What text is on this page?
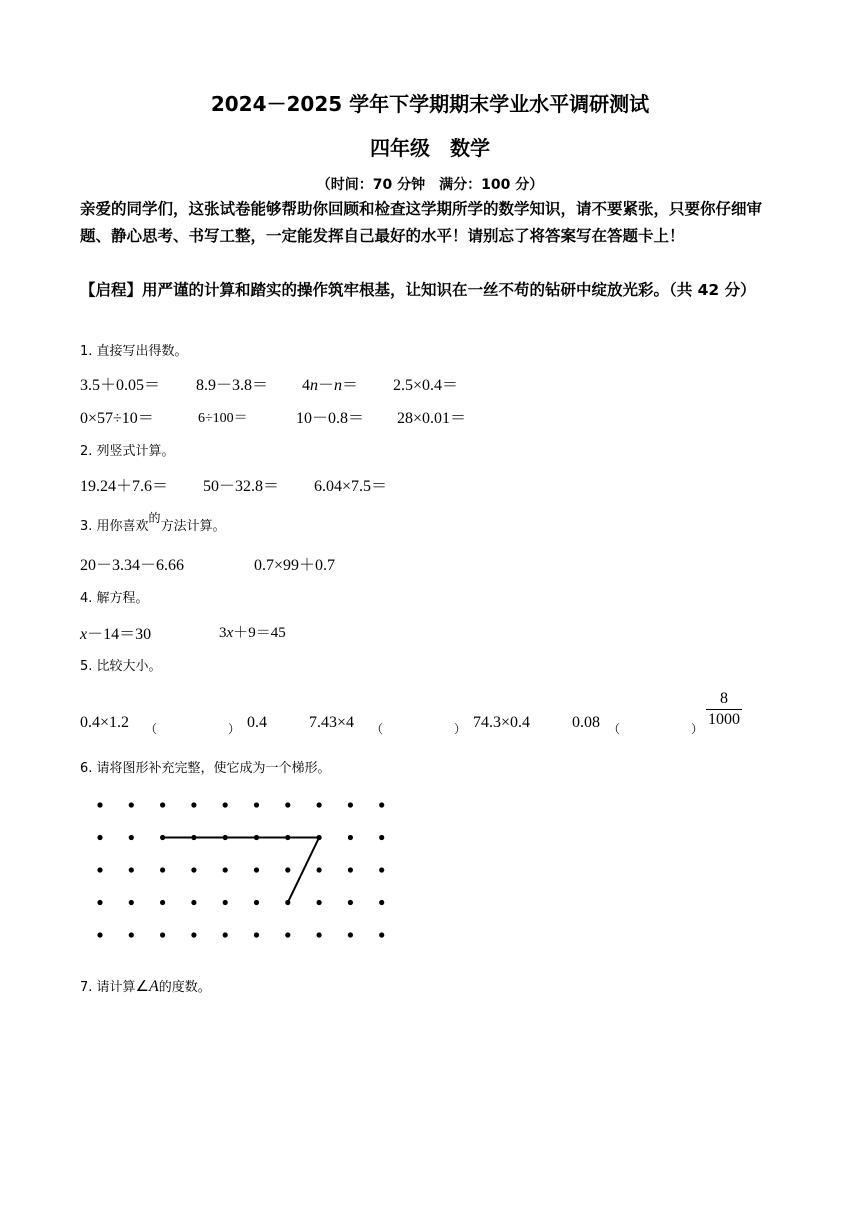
2024－2025 学年下学期期末学业水平调研测试
四年级　数学
（时间：70 分钟　满分：100 分）
亲爱的同学们，这张试卷能够帮助你回顾和检查这学期所学的数学知识，请不要紧张，只要你仔细审题、静心思考、书写工整，一定能发挥自己最好的水平！请别忘了将答案写在答题卡上！
【启程】用严谨的计算和踏实的操作筑牢根基，让知识在一丝不苟的钻研中绽放光彩。（共 42 分）
1. 直接写出得数。
3.5＋0.05＝ 8.9－3.8＝ 4n－n＝ 2.5×0.4＝
0×57÷10＝	6÷100＝	10－0.8＝ 28×0.01＝
2. 列竖式计算。
19.24＋7.6＝ 50－32.8＝ 6.04×7.5＝
3. 用你喜欢的方法计算。
20－3.34－6.66	0.7×99＋0.7
4. 解方程。
x－14＝30	3x＋9＝45
5. 比较大小。
0.4×1.2 （	） 0.4	7.43×4 （	） 74.3×0.4	0.08 （	） $\frac{8}{1000}$
6. 请将图形补充完整，使它成为一个梯形。
7. 请计算∠A的度数。
